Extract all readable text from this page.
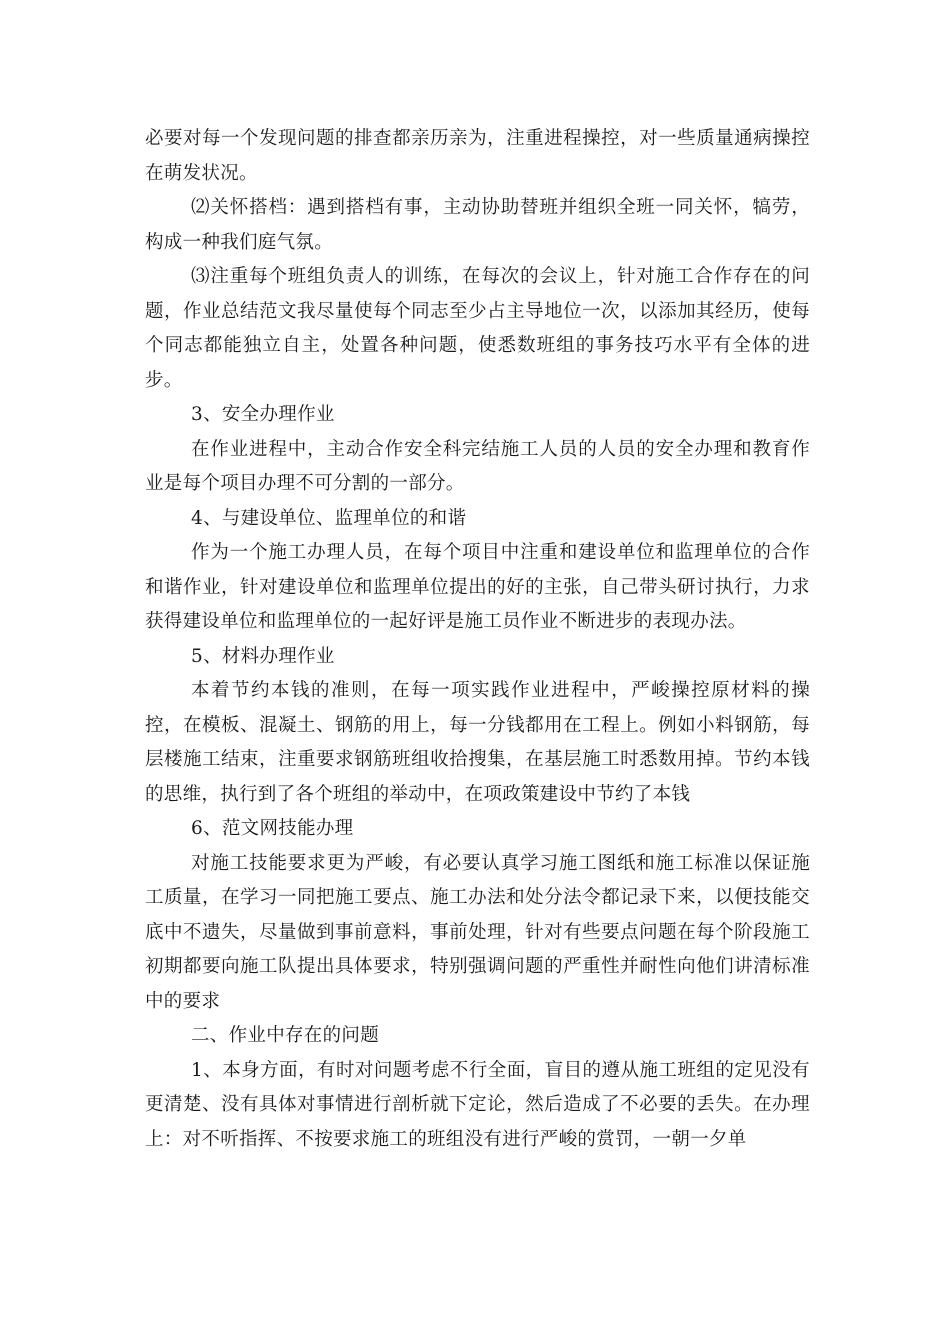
必要对每一个发现问题的排查都亲历亲为，注重进程操控，对一些质量通病操控在萌发状况。

⑵关怀搭档：遇到搭档有事，主动协助替班并组织全班一同关怀，犒劳，构成一种我们庭气氛。

⑶注重每个班组负责人的训练，在每次的会议上，针对施工合作存在的问题，作业总结范文我尽量使每个同志至少占主导地位一次，以添加其经历，使每个同志都能独立自主，处置各种问题，使悉数班组的事务技巧水平有全体的进步。

3、安全办理作业

在作业进程中，主动合作安全科完结施工人员的人员的安全办理和教育作业是每个项目办理不可分割的一部分。

4、与建设单位、监理单位的和谐

作为一个施工办理人员，在每个项目中注重和建设单位和监理单位的合作和谐作业，针对建设单位和监理单位提出的好的主张，自己带头研讨执行，力求获得建设单位和监理单位的一起好评是施工员作业不断进步的表现办法。

5、材料办理作业

本着节约本钱的准则，在每一项实践作业进程中，严峻操控原材料的操控，在模板、混凝土、钢筋的用上，每一分钱都用在工程上。例如小料钢筋，每层楼施工结束，注重要求钢筋班组收拾搜集，在基层施工时悉数用掉。节约本钱的思维，执行到了各个班组的举动中，在项政策建设中节约了本钱

6、范文网技能办理

对施工技能要求更为严峻，有必要认真学习施工图纸和施工标准以保证施工质量，在学习一同把施工要点、施工办法和处分法令都记录下来，以便技能交底中不遗失，尽量做到事前意料，事前处理，针对有些要点问题在每个阶段施工初期都要向施工队提出具体要求，特别强调问题的严重性并耐性向他们讲清标准中的要求

二、作业中存在的问题

1、本身方面，有时对问题考虑不行全面，盲目的遵从施工班组的定见没有更清楚、没有具体对事情进行剖析就下定论，然后造成了不必要的丢失。在办理上：对不听指挥、不按要求施工的班组没有进行严峻的赏罚，一朝一夕单
